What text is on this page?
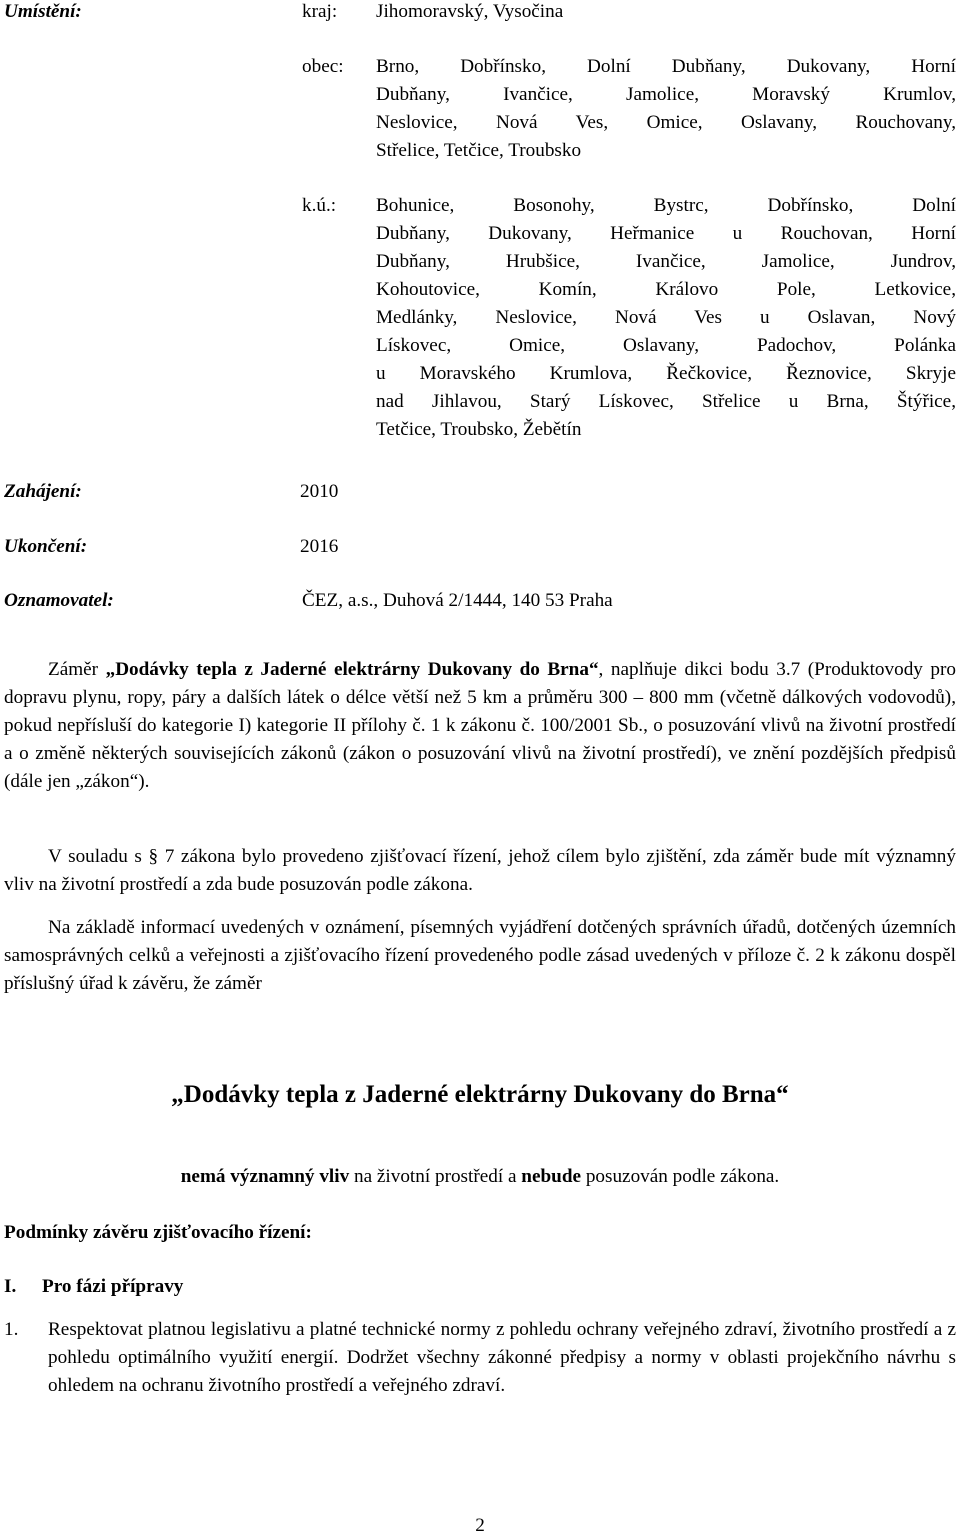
Umístění:	kraj: Jihomoravský, Vysočina
obec: Brno, Dobřínsko, Dolní Dubňany, Dukovany, Horní
Dubňany, Ivančice, Jamolice, Moravský Krumlov,
Neslovice, Nová Ves, Omice, Oslavany, Rouchovany,
Střelice, Tetčice, Troubsko
k.ú.: Bohunice, Bosonohy, Bystrc, Dobřínsko, Dolní
Dubňany, Dukovany, Heřmanice u Rouchovan, Horní
Dubňany, Hrubšice, Ivančice, Jamolice, Jundrov,
Kohoutovice, Komín, Královo Pole, Letkovice,
Medlánky, Neslovice, Nová Ves u Oslavan, Nový
Lískovec, Omice, Oslavany, Padochov, Polánka
u Moravského Krumlova, Řečkovice, Řeznovice, Skryje
nad Jihlavou, Starý Lískovec, Střelice u Brna, Štýřice,
Tetčice, Troubsko, Žebětín
Zahájení:	2010
Ukončení:	2016
Oznamovatel:	ČEZ, a.s., Duhová 2/1444, 140 53 Praha

Záměr „Dodávky tepla z Jaderné elektrárny Dukovany do Brna“, naplňuje dikci bodu 3.7 (Produktovody pro dopravu plynu, ropy, páry a dalších látek o délce větší než 5 km a průměru 300 – 800 mm (včetně dálkových vodovodů), pokud nepřísluší do kategorie I) kategorie II přílohy č. 1 k zákonu č. 100/2001 Sb., o posuzování vlivů na životní prostředí a o změně některých souvisejících zákonů (zákon o posuzování vlivů na životní prostředí), ve znění pozdějších předpisů (dále jen „zákon“).

V souladu s § 7 zákona bylo provedeno zjišťovací řízení, jehož cílem bylo zjištění, zda záměr bude mít významný vliv na životní prostředí a zda bude posuzován podle zákona.

Na základě informací uvedených v oznámení, písemných vyjádření dotčených správních úřadů, dotčených územních samosprávných celků a veřejnosti a zjišťovacího řízení provedeného podle zásad uvedených v příloze č. 2 k zákonu dospěl příslušný úřad k závěru, že záměr

„Dodávky tepla z Jaderné elektrárny Dukovany do Brna“
nemá významný vliv na životní prostředí a nebude posuzován podle zákona.
Podmínky závěru zjišťovacího řízení:
I. Pro fázi přípravy
1. Respektovat platnou legislativu a platné technické normy z pohledu ochrany veřejného zdraví, životního prostředí a z pohledu optimálního využití energií. Dodržet všechny zákonné předpisy a normy v oblasti projekčního návrhu s ohledem na ochranu životního prostředí a veřejného zdraví.

2
